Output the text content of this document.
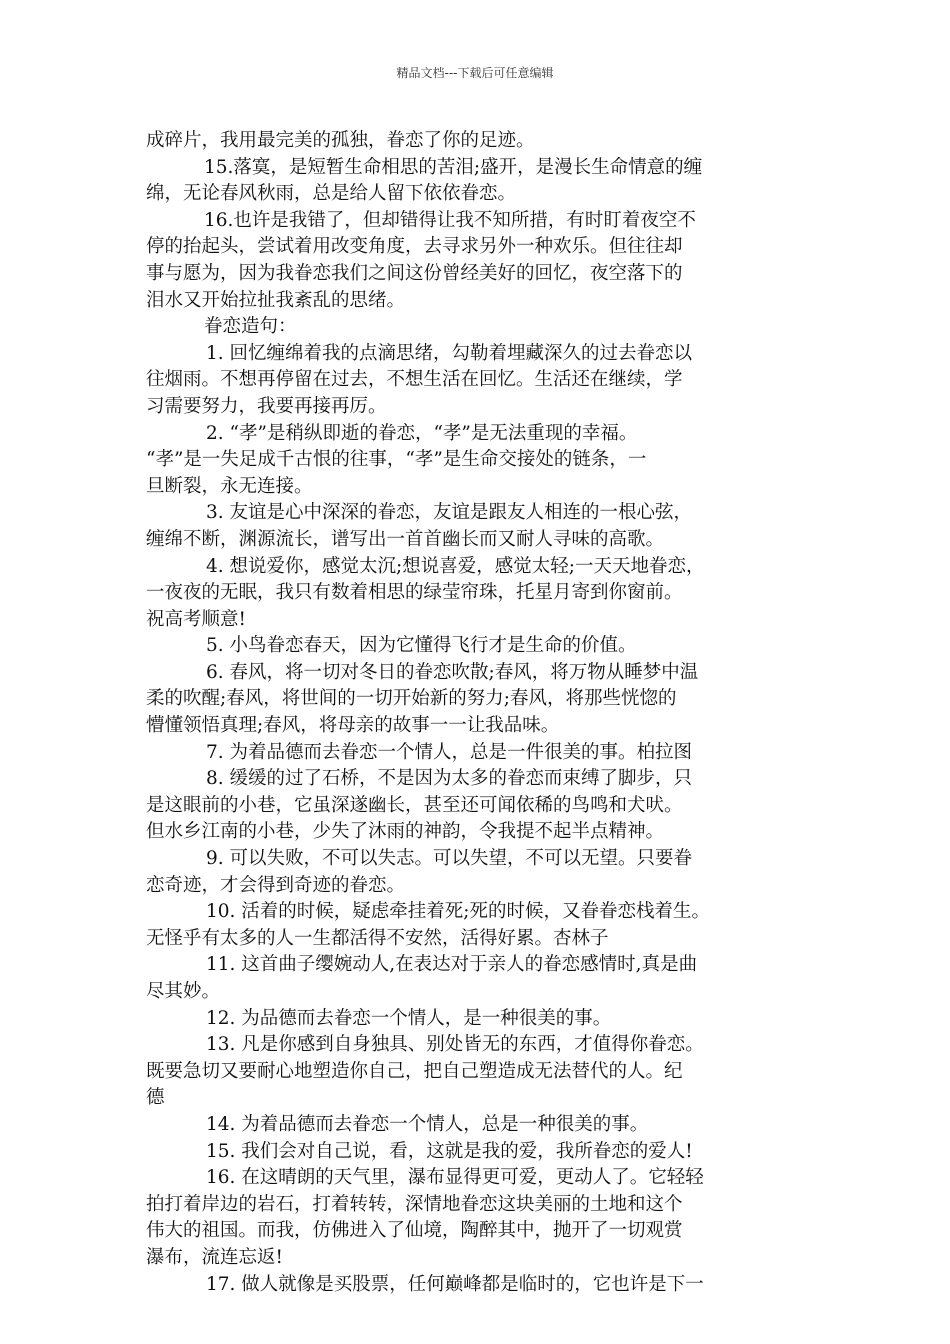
精品文档---下载后可任意编辑
成碎片，我用最完美的孤独，眷恋了你的足迹。
15.落寞，是短暂生命相思的苦泪;盛开，是漫长生命情意的缠
绵，无论春风秋雨，总是给人留下依依眷恋。
16.也许是我错了，但却错得让我不知所措，有时盯着夜空不
停的抬起头，尝试着用改变角度，去寻求另外一种欢乐。但往往却
事与愿为，因为我眷恋我们之间这份曾经美好的回忆，夜空落下的
泪水又开始拉扯我紊乱的思绪。
眷恋造句：
1. 回忆缠绵着我的点滴思绪，勾勒着埋藏深久的过去眷恋以
往烟雨。不想再停留在过去，不想生活在回忆。生活还在继续，学
习需要努力，我要再接再厉。
2. “孝”是稍纵即逝的眷恋，“孝”是无法重现的幸福。
“孝”是一失足成千古恨的往事，“孝”是生命交接处的链条，一
旦断裂，永无连接。
3. 友谊是心中深深的眷恋，友谊是跟友人相连的一根心弦，
缠绵不断，渊源流长，谱写出一首首幽长而又耐人寻味的高歌。
4. 想说爱你，感觉太沉;想说喜爱，感觉太轻;一天天地眷恋，
一夜夜的无眠，我只有数着相思的绿莹帘珠，托星月寄到你窗前。
祝高考顺意!
5. 小鸟眷恋春天，因为它懂得飞行才是生命的价值。
6. 春风，将一切对冬日的眷恋吹散;春风，将万物从睡梦中温
柔的吹醒;春风，将世间的一切开始新的努力;春风，将那些恍惚的
懵懂领悟真理;春风，将母亲的故事一一让我品味。
7. 为着品德而去眷恋一个情人，总是一件很美的事。柏拉图
8. 缓缓的过了石桥，不是因为太多的眷恋而束缚了脚步，只
是这眼前的小巷，它虽深遂幽长，甚至还可闻依稀的鸟鸣和犬吠。
但水乡江南的小巷，少失了沐雨的神韵，令我提不起半点精神。
9. 可以失败，不可以失志。可以失望，不可以无望。只要眷
恋奇迹，才会得到奇迹的眷恋。
10. 活着的时候，疑虑牵挂着死;死的时候，又眷眷恋栈着生。
无怪乎有太多的人一生都活得不安然，活得好累。杏林子
11. 这首曲子缨婉动人,在表达对于亲人的眷恋感情时,真是曲
尽其妙。
12. 为品德而去眷恋一个情人，是一种很美的事。
13. 凡是你感到自身独具、别处皆无的东西，才值得你眷恋。
既要急切又要耐心地塑造你自己，把自己塑造成无法替代的人。纪
德
14. 为着品德而去眷恋一个情人，总是一种很美的事。
15. 我们会对自己说，看，这就是我的爱，我所眷恋的爱人!
16. 在这晴朗的天气里，瀑布显得更可爱，更动人了。它轻轻
拍打着岸边的岩石，打着转转，深情地眷恋这块美丽的土地和这个
伟大的祖国。而我，仿佛进入了仙境，陶醉其中，抛开了一切观赏
瀑布，流连忘返!
17. 做人就像是买股票，任何巅峰都是临时的，它也许是下一
